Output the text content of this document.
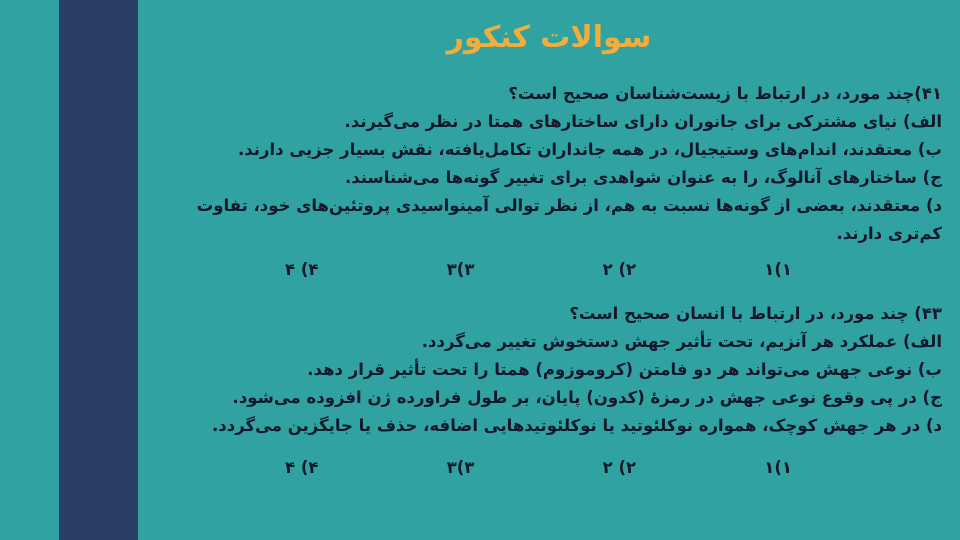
سوالات کنکور
۴۱)چند مورد، در ارتباط با زیست‌شناسان صحیح است؟
الف) نیای مشترکی برای جانوران دارای ساختارهای همتا در نظر می‌گیرند.
ب) معتقدند، اندام‌های وستیجیال، در همه جانداران تکامل‌یافته، نقش بسیار جزیی دارند.
ج) ساختارهای آنالوگ، را به عنوان شواهدی برای تغییر گونه‌ها می‌شناسند.
د) معتقدند، بعضی از گونه‌ها نسبت به هم، از نظر توالی آمینواسیدی پروتئین‌های خود، تفاوت کم‌تری دارند.
۱)۱
۲) ۲
۳)۳
۴) ۴
۴۳) چند مورد، در ارتباط با انسان صحیح است؟
الف) عملکرد هر آنزیم، تحت تأثیر جهش دستخوش تغییر می‌گردد.
ب) نوعی جهش می‌تواند هر دو فامتن (کروموزوم) همتا را تحت تأثیر قرار دهد.
ج) در پی وقوع نوعی جهش در رمزۀ (کدون) پایان، بر طول فراورده ژن افزوده می‌شود.
د) در هر جهش کوچک، همواره نوکلئوتید یا نوکلئوتیدهایی اضافه، حذف یا جایگزین می‌گردد.
۱)۱
۲) ۲
۳)۳
۴) ۴
